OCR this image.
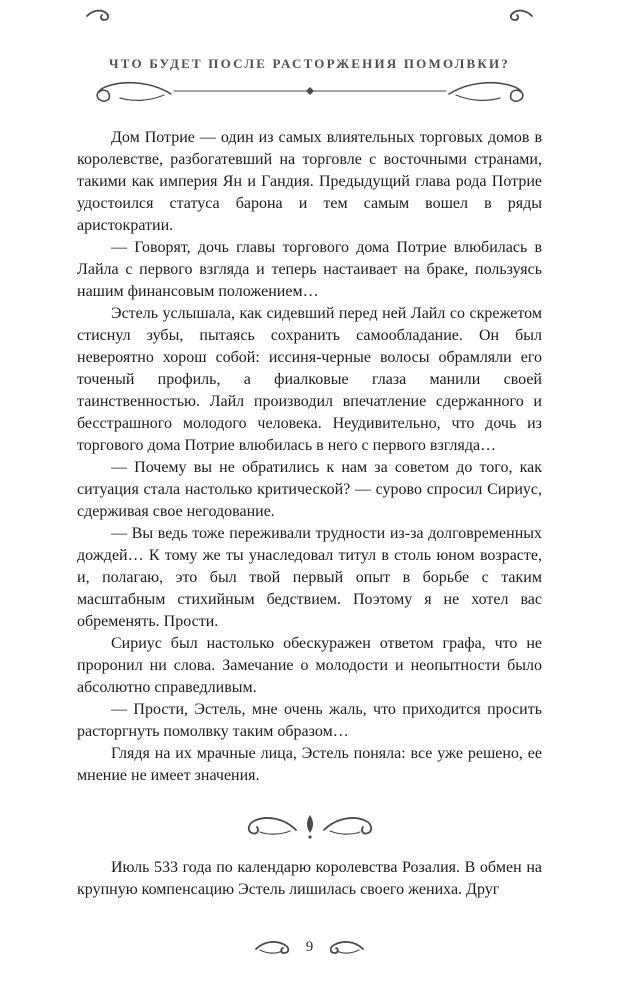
ЧТО БУДЕТ ПОСЛЕ РАСТОРЖЕНИЯ ПОМОЛВКИ?

Дом Потрие — один из самых влиятельных торговых домов в королевстве, разбогатевший на торговле с восточными странами, такими как империя Ян и Гандия. Предыдущий глава рода Потрие удостоился статуса барона и тем самым вошел в ряды аристократии.

— Говорят, дочь главы торгового дома Потрие влюбилась в Лайла с первого взгляда и теперь настаивает на браке, пользуясь нашим финансовым положением…

Эстель услышала, как сидевший перед ней Лайл со скрежетом стиснул зубы, пытаясь сохранить самообладание. Он был невероятно хорош собой: иссиня-черные волосы обрамляли его точеный профиль, а фиалковые глаза манили своей таинственностью. Лайл производил впечатление сдержанного и бесстрашного молодого человека. Неудивительно, что дочь из торгового дома Потрие влюбилась в него с первого взгляда…

— Почему вы не обратились к нам за советом до того, как ситуация стала настолько критической? — сурово спросил Сириус, сдерживая свое негодование.

— Вы ведь тоже переживали трудности из-за долговременных дождей… К тому же ты унаследовал титул в столь юном возрасте, и, полагаю, это был твой первый опыт в борьбе с таким масштабным стихийным бедствием. Поэтому я не хотел вас обременять. Прости.

Сириус был настолько обескуражен ответом графа, что не проронил ни слова. Замечание о молодости и неопытности было абсолютно справедливым.

— Прости, Эстель, мне очень жаль, что приходится просить расторгнуть помолвку таким образом…

Глядя на их мрачные лица, Эстель поняла: все уже решено, ее мнение не имеет значения.

Июль 533 года по календарю королевства Розалия. В обмен на крупную компенсацию Эстель лишилась своего жениха. Друг

9
